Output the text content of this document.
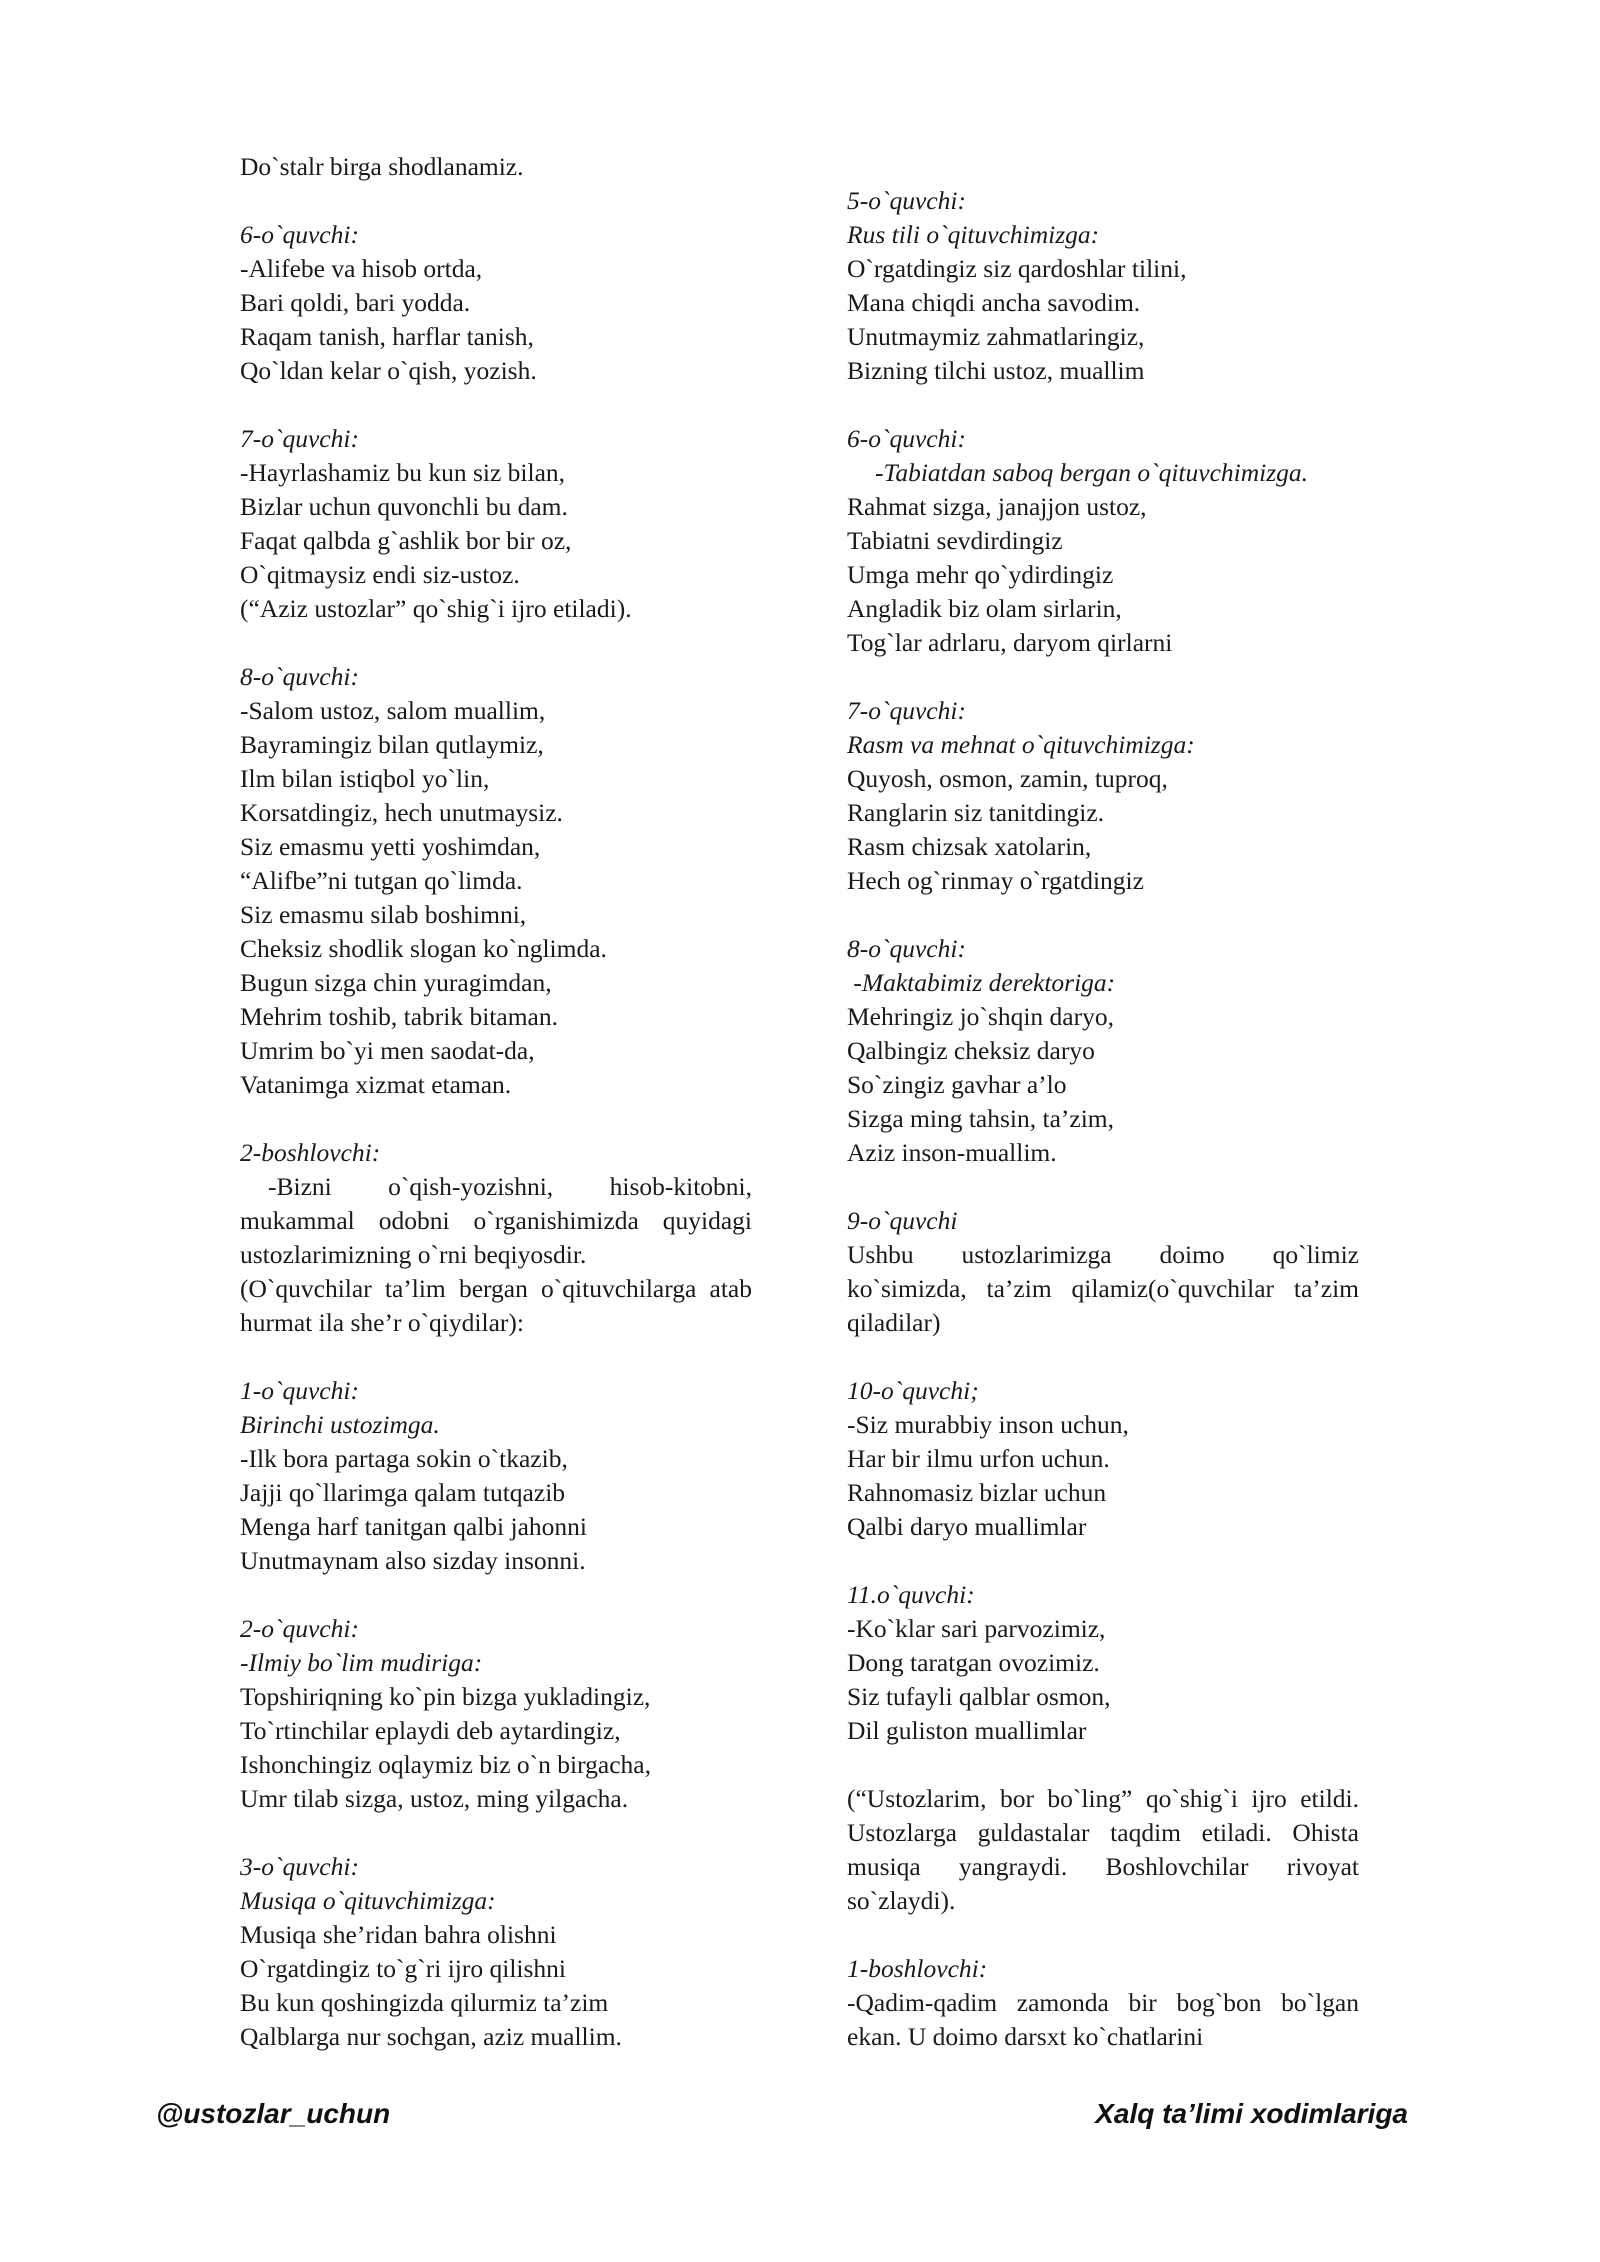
Do`stalr birga shodlanamiz.
6-o`quvchi:
-Alifebe va hisob ortda,
Bari qoldi, bari yodda.
Raqam tanish, harflar tanish,
Qo`ldan kelar o`qish, yozish.
7-o`quvchi:
-Hayrlashamiz bu kun siz bilan,
Bizlar uchun quvonchli bu dam.
Faqat qalbda g`ashlik bor bir oz,
O`qitmaysiz endi siz-ustoz.
(“Aziz ustozlar” qo`shig`i ijro etiladi).
8-o`quvchi:
-Salom ustoz, salom muallim,
Bayramingiz bilan qutlaymiz,
Ilm bilan istiqbol yo`lin,
Korsatdingiz, hech unutmaysiz.
Siz emasmu yetti yoshimdan,
“Alifbe”ni tutgan qo`limda.
Siz emasmu silab boshimni,
Cheksiz shodlik slogan ko`nglimda.
Bugun sizga chin yuragimdan,
Mehrim toshib, tabrik bitaman.
Umrim bo`yi men saodat-da,
Vatanimga xizmat etaman.
2-boshlovchi:
-Bizni o`qish-yozishni, hisob-kitobni, mukammal odobni o`rganishimizda quyidagi ustozlarimizning o`rni beqiyosdir.
(O`quvchilar ta’lim bergan o`qituvchilarga atab hurmat ila she’r o`qiydilar):
1-o`quvchi:
Birinchi ustozimga.
-Ilk bora partaga sokin o`tkazib,
Jajji qo`llarimga qalam tutqazib
Menga harf tanitgan qalbi jahonni
Unutmaynam also sizday insonni.
2-o`quvchi:
-Ilmiy bo`lim mudiriga:
Topshiriqning ko`pin bizga yukladingiz,
To`rtinchilar eplaydi deb aytardingiz,
Ishonchingiz oqlaymiz biz o`n birgacha,
Umr tilab sizga, ustoz, ming yilgacha.
3-o`quvchi:
Musiqa o`qituvchimizga:
Musiqa she’ridan bahra olishni
O`rgatdingiz to`g`ri ijro qilishni
Bu kun qoshingizda qilurmiz ta’zim
Qalblarga nur sochgan, aziz muallim.
5-o`quvchi:
Rus tili o`qituvchimizga:
O`rgatdingiz siz qardoshlar tilini,
Mana chiqdi ancha savodim.
Unutmaymiz zahmatlaringiz,
Bizning tilchi ustoz, muallim
6-o`quvchi:
-Tabiatdan saboq bergan o`qituvchimizga.
Rahmat sizga, janajjon ustoz,
Tabiatni sevdirdingiz
Umga mehr qo`ydirdingiz
Angladik biz olam sirlarin,
Tog`lar adrlaru, daryom qirlarni
7-o`quvchi:
Rasm va mehnat o`qituvchimizga:
Quyosh, osmon, zamin, tuproq,
Ranglarin siz tanitdingiz.
Rasm chizsak xatolarin,
Hech og`rinmay o`rgatdingiz
8-o`quvchi:
-Maktabimiz derektoriga:
Mehringiz jo`shqin daryo,
Qalbingiz cheksiz daryo
So`zingiz gavhar a’lo
Sizga ming tahsin, ta’zim,
Aziz inson-muallim.
9-o`quvchi
Ushbu ustozlarimizga doimo qo`limiz ko`simizda, ta’zim qilamiz(o`quvchilar ta’zim qiladilar)
10-o`quvchi;
-Siz murabbiy inson uchun,
Har bir ilmu urfon uchun.
Rahnomasiz bizlar uchun
Qalbi daryo muallimlar
11.o`quvchi:
-Ko`klar sari parvozimiz,
Dong taratgan ovozimiz.
Siz tufayli qalblar osmon,
Dil guliston muallimlar
(“Ustozlarim, bor bo`ling” qo`shig`i ijro etildi. Ustozlarga guldastalar taqdim etiladi. Ohista musiqa yangraydi. Boshlovchilar rivoyat so`zlaydi).
1-boshlovchi:
-Qadim-qadim zamonda bir bog`bon bo`lgan ekan. U doimo darsxt ko`chatlarini
@ustozlar_uchun	Xalq ta’limi xodimlariga
